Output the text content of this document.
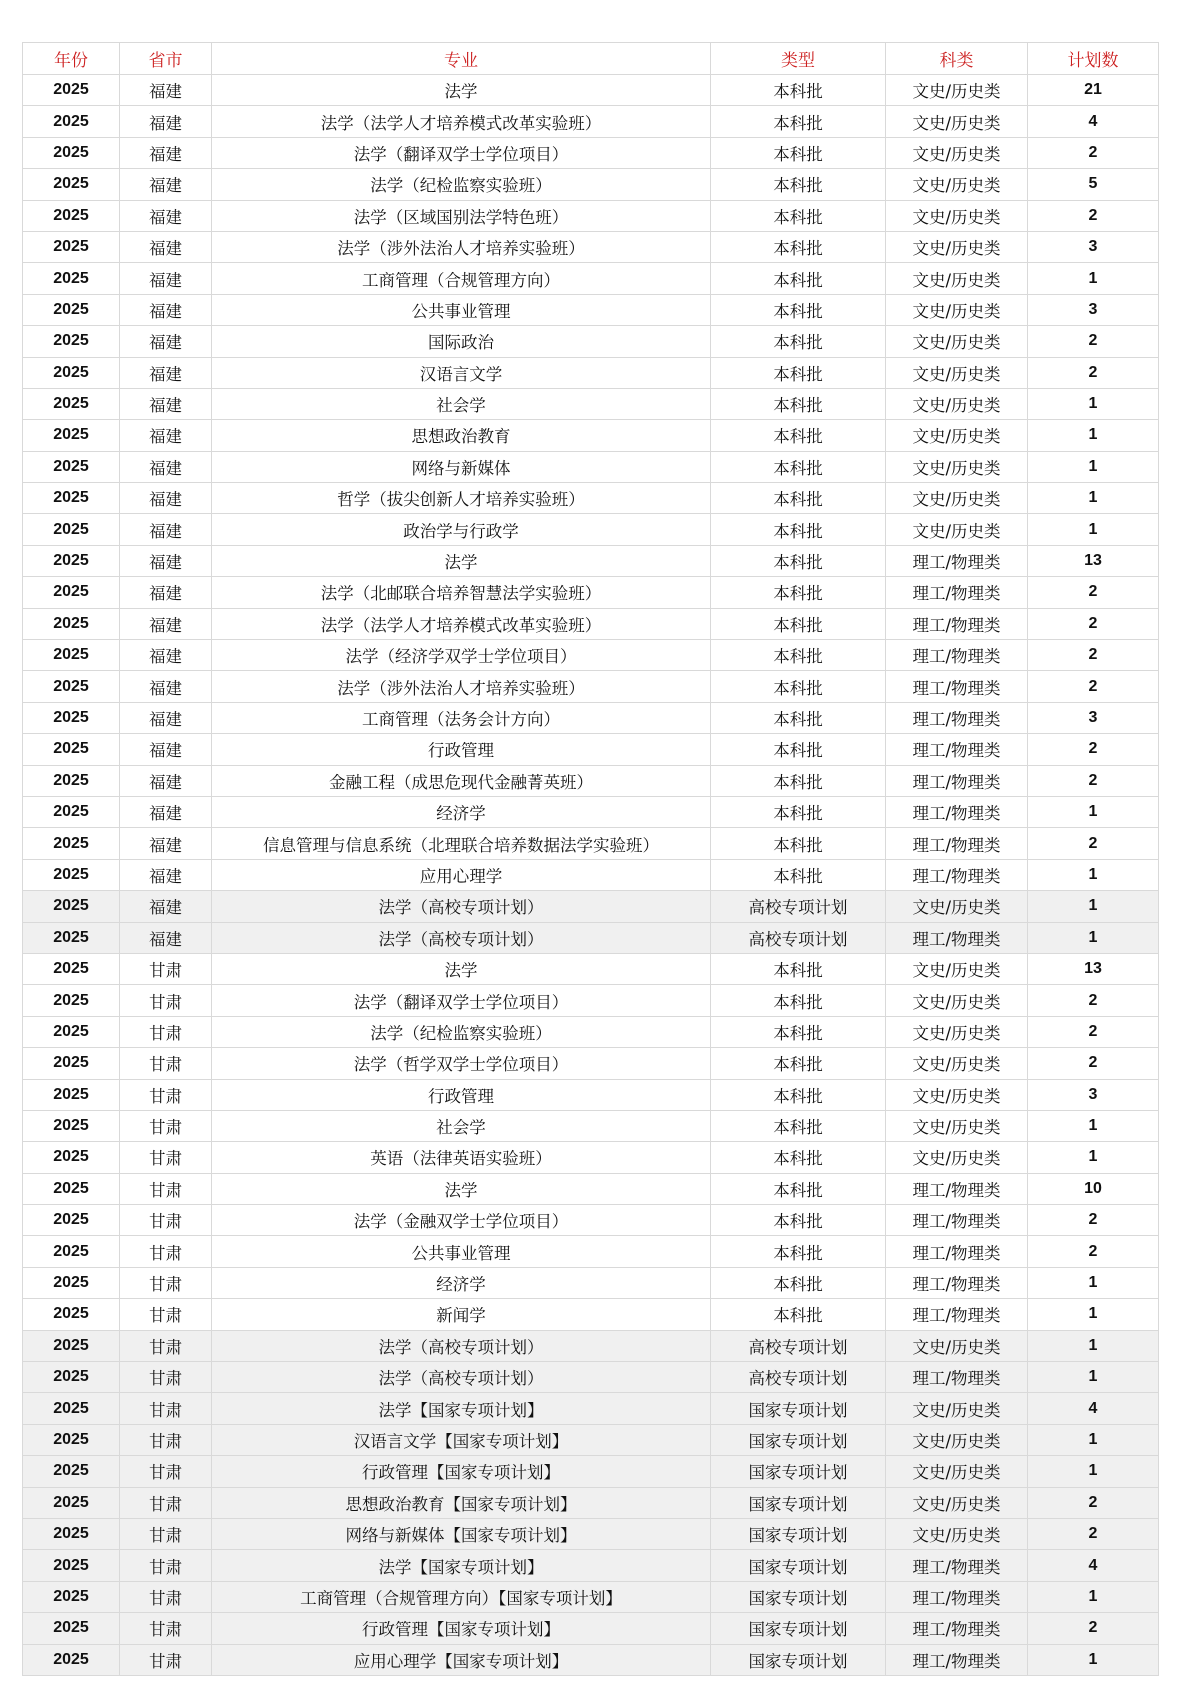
年份	省市	专业	类型	科类	计划数
2025	福建	法学	本科批	文史/历史类	21
2025	福建	法学（法学人才培养模式改革实验班）	本科批	文史/历史类	4
2025	福建	法学（翻译双学士学位项目）	本科批	文史/历史类	2
2025	福建	法学（纪检监察实验班）	本科批	文史/历史类	5
2025	福建	法学（区域国别法学特色班）	本科批	文史/历史类	2
2025	福建	法学（涉外法治人才培养实验班）	本科批	文史/历史类	3
2025	福建	工商管理（合规管理方向）	本科批	文史/历史类	1
2025	福建	公共事业管理	本科批	文史/历史类	3
2025	福建	国际政治	本科批	文史/历史类	2
2025	福建	汉语言文学	本科批	文史/历史类	2
2025	福建	社会学	本科批	文史/历史类	1
2025	福建	思想政治教育	本科批	文史/历史类	1
2025	福建	网络与新媒体	本科批	文史/历史类	1
2025	福建	哲学（拔尖创新人才培养实验班）	本科批	文史/历史类	1
2025	福建	政治学与行政学	本科批	文史/历史类	1
2025	福建	法学	本科批	理工/物理类	13
2025	福建	法学（北邮联合培养智慧法学实验班）	本科批	理工/物理类	2
2025	福建	法学（法学人才培养模式改革实验班）	本科批	理工/物理类	2
2025	福建	法学（经济学双学士学位项目）	本科批	理工/物理类	2
2025	福建	法学（涉外法治人才培养实验班）	本科批	理工/物理类	2
2025	福建	工商管理（法务会计方向）	本科批	理工/物理类	3
2025	福建	行政管理	本科批	理工/物理类	2
2025	福建	金融工程（成思危现代金融菁英班）	本科批	理工/物理类	2
2025	福建	经济学	本科批	理工/物理类	1
2025	福建	信息管理与信息系统（北理联合培养数据法学实验班）	本科批	理工/物理类	2
2025	福建	应用心理学	本科批	理工/物理类	1
2025	福建	法学（高校专项计划）	高校专项计划	文史/历史类	1
2025	福建	法学（高校专项计划）	高校专项计划	理工/物理类	1
2025	甘肃	法学	本科批	文史/历史类	13
2025	甘肃	法学（翻译双学士学位项目）	本科批	文史/历史类	2
2025	甘肃	法学（纪检监察实验班）	本科批	文史/历史类	2
2025	甘肃	法学（哲学双学士学位项目）	本科批	文史/历史类	2
2025	甘肃	行政管理	本科批	文史/历史类	3
2025	甘肃	社会学	本科批	文史/历史类	1
2025	甘肃	英语（法律英语实验班）	本科批	文史/历史类	1
2025	甘肃	法学	本科批	理工/物理类	10
2025	甘肃	法学（金融双学士学位项目）	本科批	理工/物理类	2
2025	甘肃	公共事业管理	本科批	理工/物理类	2
2025	甘肃	经济学	本科批	理工/物理类	1
2025	甘肃	新闻学	本科批	理工/物理类	1
2025	甘肃	法学（高校专项计划）	高校专项计划	文史/历史类	1
2025	甘肃	法学（高校专项计划）	高校专项计划	理工/物理类	1
2025	甘肃	法学【国家专项计划】	国家专项计划	文史/历史类	4
2025	甘肃	汉语言文学【国家专项计划】	国家专项计划	文史/历史类	1
2025	甘肃	行政管理【国家专项计划】	国家专项计划	文史/历史类	1
2025	甘肃	思想政治教育【国家专项计划】	国家专项计划	文史/历史类	2
2025	甘肃	网络与新媒体【国家专项计划】	国家专项计划	文史/历史类	2
2025	甘肃	法学【国家专项计划】	国家专项计划	理工/物理类	4
2025	甘肃	工商管理（合规管理方向）【国家专项计划】	国家专项计划	理工/物理类	1
2025	甘肃	行政管理【国家专项计划】	国家专项计划	理工/物理类	2
2025	甘肃	应用心理学【国家专项计划】	国家专项计划	理工/物理类	1
